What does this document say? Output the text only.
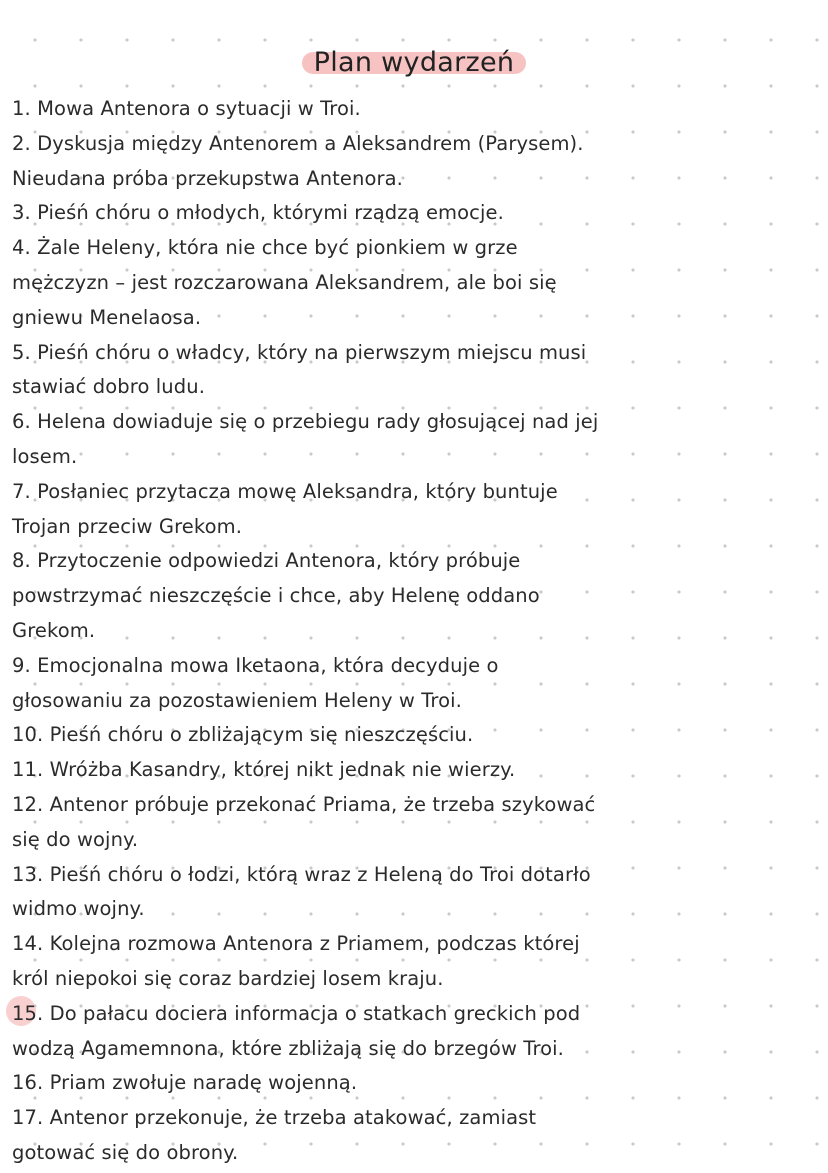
Plan wydarzeń
1. Mowa Antenora o sytuacji w Troi.
2. Dyskusja między Antenorem a Aleksandrem (Parysem).
Nieudana próba przekupstwa Antenora.
3. Pieśń chóru o młodych, którymi rządzą emocje.
4. Żale Heleny, która nie chce być pionkiem w grze
mężczyzn – jest rozczarowana Aleksandrem, ale boi się
gniewu Menelaosa.
5. Pieśń chóru o władcy, który na pierwszym miejscu musi
stawiać dobro ludu.
6. Helena dowiaduje się o przebiegu rady głosującej nad jej
losem.
7. Posłaniec przytacza mowę Aleksandra, który buntuje
Trojan przeciw Grekom.
8. Przytoczenie odpowiedzi Antenora, który próbuje
powstrzymać nieszczęście i chce, aby Helenę oddano
Grekom.
9. Emocjonalna mowa Iketaona, która decyduje o
głosowaniu za pozostawieniem Heleny w Troi.
10. Pieśń chóru o zbliżającym się nieszczęściu.
11. Wróżba Kasandry, której nikt jednak nie wierzy.
12. Antenor próbuje przekonać Priama, że trzeba szykować
się do wojny.
13. Pieśń chóru o łodzi, którą wraz z Heleną do Troi dotarło
widmo wojny.
14. Kolejna rozmowa Antenora z Priamem, podczas której
król niepokoi się coraz bardziej losem kraju.
15. Do pałacu dociera informacja o statkach greckich pod
wodzą Agamemnona, które zbliżają się do brzegów Troi.
16. Priam zwołuje naradę wojenną.
17. Antenor przekonuje, że trzeba atakować, zamiast
gotować się do obrony.
